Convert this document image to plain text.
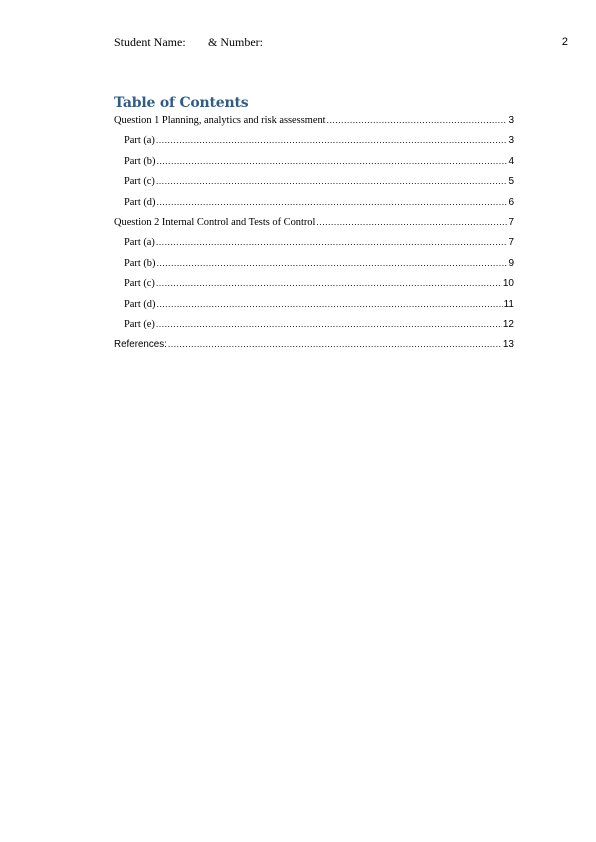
Student Name: & Number:	2
Table of Contents
Question 1 Planning, analytics and risk assessment .....	3
Part (a) .....	3
Part (b) .....	4
Part (c) .....	5
Part (d) .....	6
Question 2 Internal Control and Tests of Control .....	7
Part (a) .....	7
Part (b) .....	9
Part (c) .....	10
Part (d) .....	11
Part (e) .....	12
References: .....	13
